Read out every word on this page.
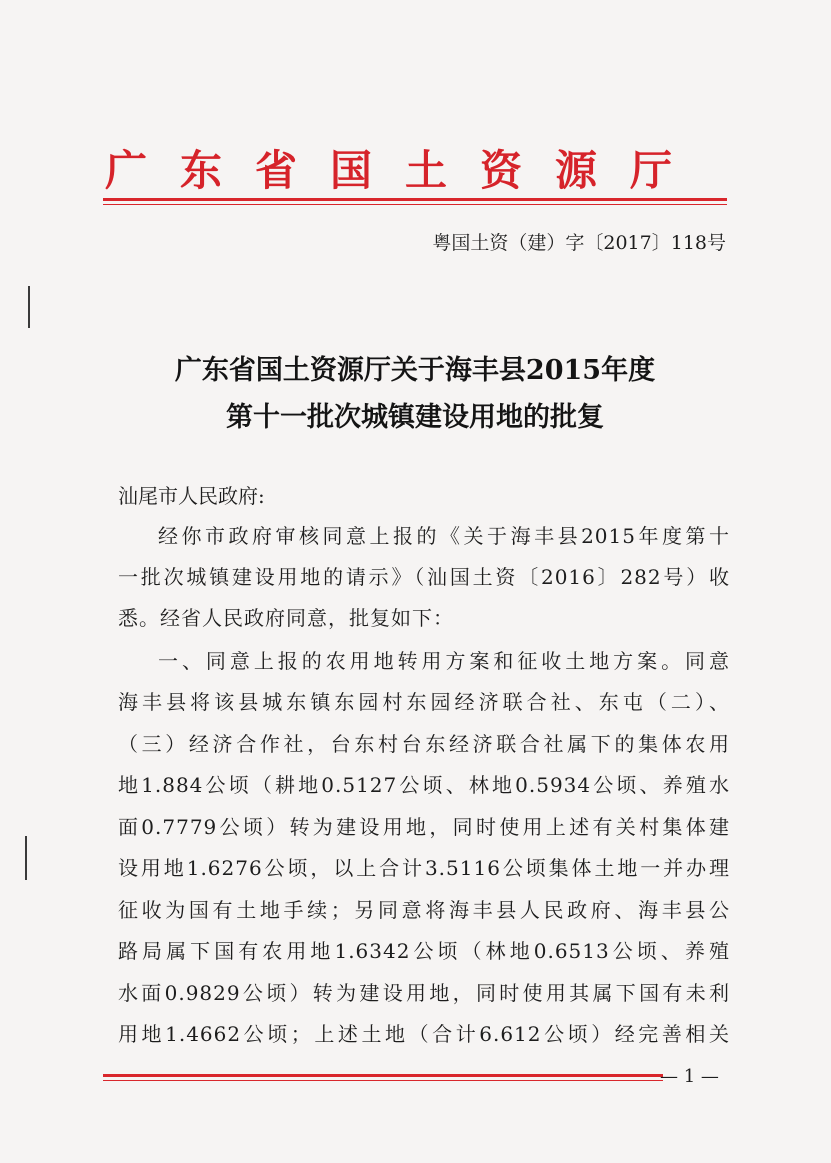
广东省国土资源厅
粤国土资（建）字〔2017〕118号
广东省国土资源厅关于海丰县2015年度
第十一批次城镇建设用地的批复
汕尾市人民政府:
经你市政府审核同意上报的《关于海丰县2015年度第十
一批次城镇建设用地的请示》（汕国土资〔2016〕282号）收
悉。经省人民政府同意，批复如下：
一、同意上报的农用地转用方案和征收土地方案。同意
海丰县将该县城东镇东园村东园经济联合社、东屯（二）、
（三）经济合作社，台东村台东经济联合社属下的集体农用
地1.884公顷（耕地0.5127公顷、林地0.5934公顷、养殖水
面0.7779公顷）转为建设用地，同时使用上述有关村集体建
设用地1.6276公顷，以上合计3.5116公顷集体土地一并办理
征收为国有土地手续；另同意将海丰县人民政府、海丰县公
路局属下国有农用地1.6342公顷（林地0.6513公顷、养殖
水面0.9829公顷）转为建设用地，同时使用其属下国有未利
用地1.4662公顷；上述土地（合计6.612公顷）经完善相关
— 1 —
